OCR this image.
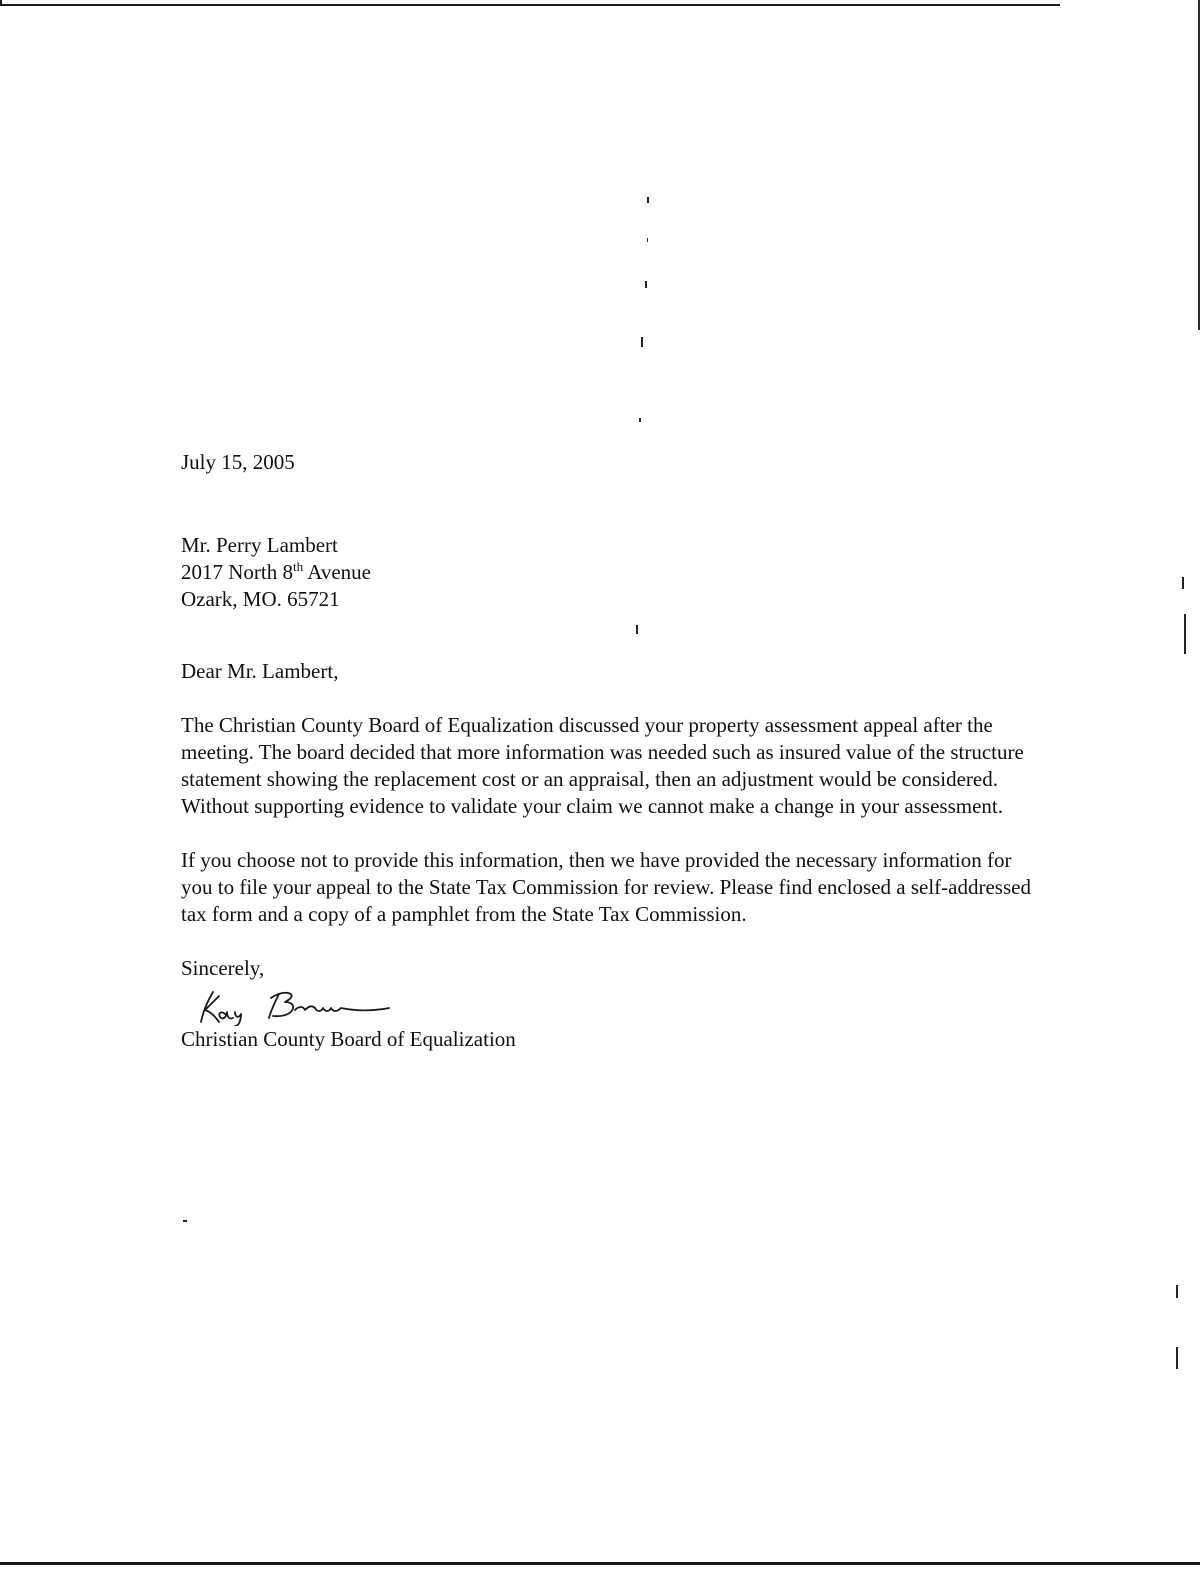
July 15, 2005

Mr. Perry Lambert
2017 North 8th Avenue
Ozark, MO. 65721

Dear Mr. Lambert,

The Christian County Board of Equalization discussed your property assessment appeal after the meeting. The board decided that more information was needed such as insured value of the structure statement showing the replacement cost or an appraisal, then an adjustment would be considered. Without supporting evidence to validate your claim we cannot make a change in your assessment.

If you choose not to provide this information, then we have provided the necessary information for you to file your appeal to the State Tax Commission for review. Please find enclosed a self-addressed tax form and a copy of a pamphlet from the State Tax Commission.

Sincerely,

Christian County Board of Equalization
